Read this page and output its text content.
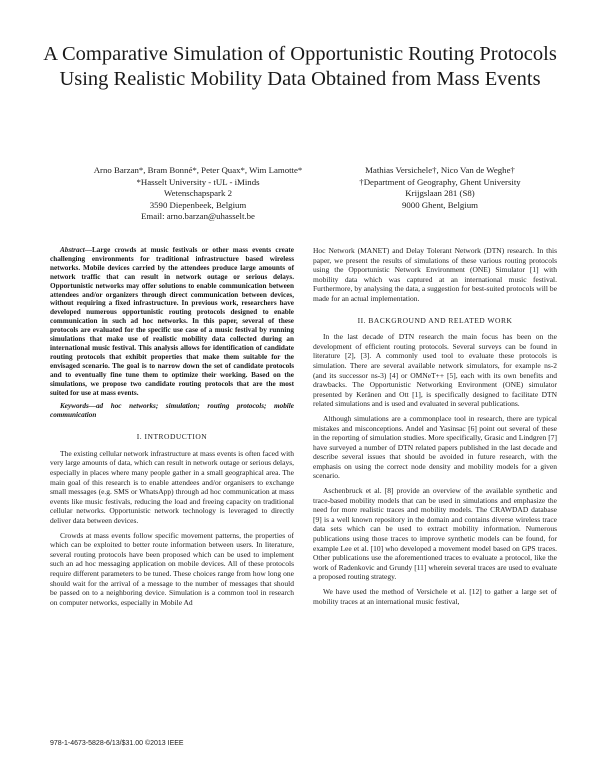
A Comparative Simulation of Opportunistic Routing Protocols Using Realistic Mobility Data Obtained from Mass Events
Arno Barzan*, Bram Bonné*, Peter Quax*, Wim Lamotte*
*Hasselt University - tUL - iMinds
Wetenschapspark 2
3590 Diepenbeek, Belgium
Email: arno.barzan@uhasselt.be
Mathias Versichele†, Nico Van de Weghe†
†Department of Geography, Ghent University
Krijgslaan 281 (S8)
9000 Ghent, Belgium

Abstract—Large crowds at music festivals or other mass events create challenging environments for traditional infrastructure based wireless networks. Mobile devices carried by the attendees produce large amounts of network traffic that can result in network outage or serious delays. Opportunistic networks may offer solutions to enable communication between attendees and/or organizers through direct communication between devices, without requiring a fixed infrastructure. In previous work, researchers have developed numerous opportunistic routing protocols designed to enable communication in such ad hoc networks. In this paper, several of these protocols are evaluated for the specific use case of a music festival by running simulations that make use of realistic mobility data collected during an international music festival. This analysis allows for identification of candidate routing protocols that exhibit properties that make them suitable for the envisaged scenario. The goal is to narrow down the set of candidate protocols and to eventually fine tune them to optimize their working. Based on the simulations, we propose two candidate routing protocols that are the most suited for use at mass events.

Keywords—ad hoc networks; simulation; routing protocols; mobile communication

I. INTRODUCTION

The existing cellular network infrastructure at mass events is often faced with very large amounts of data, which can result in network outage or serious delays, especially in places where many people gather in a small geographical area. The main goal of this research is to enable attendees and/or organisers to exchange small messages (e.g. SMS or WhatsApp) through ad hoc communication at mass events like music festivals, reducing the load and freeing capacity on traditional cellular networks. Opportunistic network technology is leveraged to directly deliver data between devices.

Crowds at mass events follow specific movement patterns, the properties of which can be exploited to better route information between users. In literature, several routing protocols have been proposed which can be used to implement such an ad hoc messaging application on mobile devices. All of these protocols require different parameters to be tuned. These choices range from how long one should wait for the arrival of a message to the number of messages that should be passed on to a neighboring device. Simulation is a common tool in research on computer networks, especially in Mobile Ad

Hoc Network (MANET) and Delay Tolerant Network (DTN) research. In this paper, we present the results of simulations of these various routing protocols using the Opportunistic Network Environment (ONE) Simulator [1] with mobility data which was captured at an international music festival. Furthermore, by analysing the data, a suggestion for best-suited protocols will be made for an actual implementation.

II. BACKGROUND AND RELATED WORK

In the last decade of DTN research the main focus has been on the development of efficient routing protocols. Several surveys can be found in literature [2], [3]. A commonly used tool to evaluate these protocols is simulation. There are several available network simulators, for example ns-2 (and its successor ns-3) [4] or OMNeT++ [5], each with its own benefits and drawbacks. The Opportunistic Networking Environment (ONE) simulator presented by Keränen and Ott [1], is specifically designed to facilitate DTN related simulations and is used and evaluated in several publications.

Although simulations are a commonplace tool in research, there are typical mistakes and misconceptions. Andel and Yasinsac [6] point out several of these in the reporting of simulation studies. More specifically, Grasic and Lindgren [7] have surveyed a number of DTN related papers published in the last decade and describe several issues that should be avoided in future research, with the emphasis on using the correct node density and mobility models for a given scenario.

Aschenbruck et al. [8] provide an overview of the available synthetic and trace-based mobility models that can be used in simulations and emphasize the need for more realistic traces and mobility models. The CRAWDAD database [9] is a well known repository in the domain and contains diverse wireless trace data sets which can be used to extract mobility information. Numerous publications using those traces to improve synthetic models can be found, for example Lee et al. [10] who developed a movement model based on GPS traces. Other publications use the aforementioned traces to evaluate a protocol, like the work of Radenkovic and Grundy [11] wherein several traces are used to evaluate a proposed routing strategy.

We have used the method of Versichele et al. [12] to gather a large set of mobility traces at an international music festival,

978-1-4673-5828-6/13/$31.00 ©2013 IEEE
